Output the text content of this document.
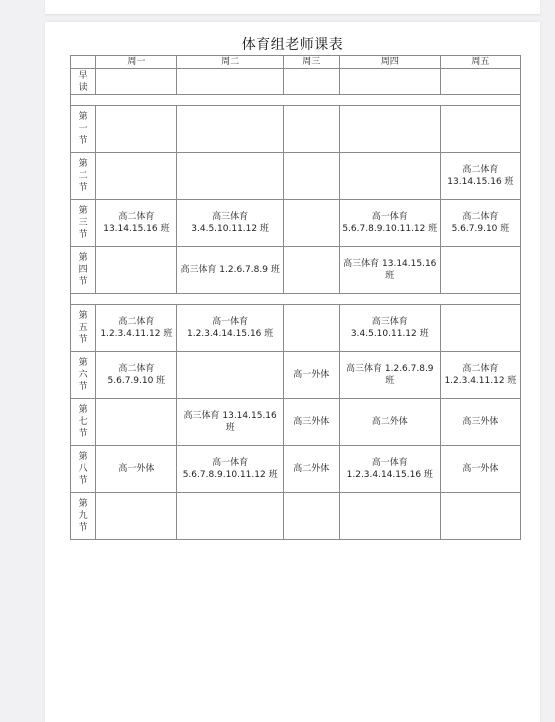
体育组老师课表
	周一	周二	周三	周四	周五

早读					

第一节					

第二节					高二体育 13.14.15.16 班

第三节	高二体育 13.14.15.16 班	高三体育 3.4.5.10.11.12 班		高一体育 5.6.7.8.9.10.11.12 班	高二体育 5.6.7.9.10 班

第四节		高三体育 1.2.6.7.8.9 班		高三体育 13.14.15.16 班	

第五节	高二体育 1.2.3.4.11.12 班	高一体育 1.2.3.4.14.15.16 班		高三体育 3.4.5.10.11.12 班	

第六节	高二体育 5.6.7.9.10 班		高一外体	高三体育 1.2.6.7.8.9 班	高二体育 1.2.3.4.11.12 班

第七节		高三体育 13.14.15.16 班	高三外体	高二外体	高三外体

第八节	高一外体	高一体育 5.6.7.8.9.10.11.12 班	高二外体	高一体育 1.2.3.4.14.15.16 班	高一外体

第九节					
